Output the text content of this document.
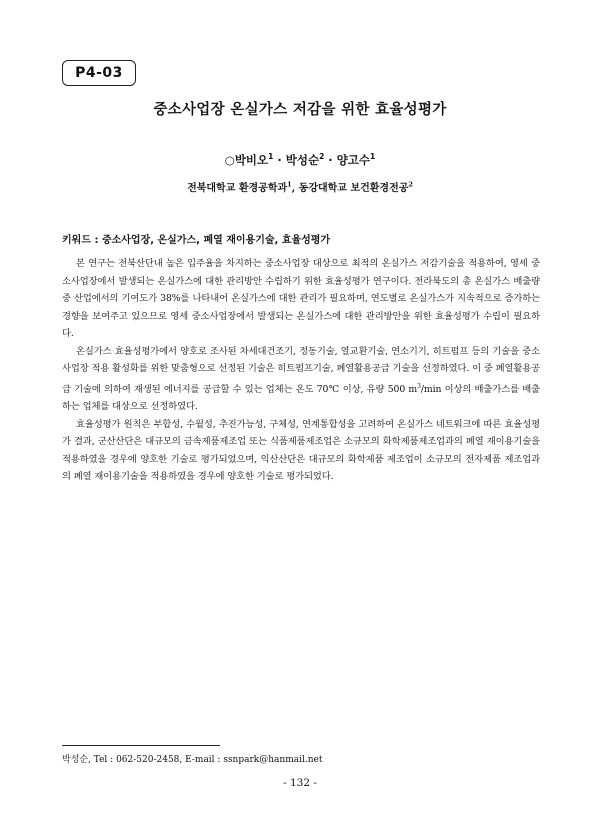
P4-03
중소사업장 온실가스 저감을 위한 효율성평가
○박비오$^1$ · 박성순$^2$ · 양고수$^1$
전북대학교 환경공학과$^1$, 동강대학교 보건환경전공$^2$
키워드 : 중소사업장, 온실가스, 폐열 재이용기술, 효율성평가

본 연구는 전북산단내 높은 입주율을 차지하는 중소사업장 대상으로 최적의 온실가스 저감기술을 적용하여, 영세 중소사업장에서 발생되는 온실가스에 대한 관리방안 수립하기 위한 효율성평가 연구이다. 전라북도의 총 온실가스 배출량 중 산업에서의 기여도가 38%를 나타내어 온실가스에 대한 관리가 필요하며, 연도별로 온실가스가 지속적으로 증가하는 경향을 보여주고 있으므로 영세 중소사업장에서 발생되는 온실가스에 대한 관리방안을 위한 효율성평가 수립이 필요하다.

온실가스 효율성평가에서 양호로 조사된 차세대건조기, 정동기술, 열교환기술, 연소기기, 히트펌프 등의 기술을 중소사업장 적용 활성화를 위한 맞춤형으로 선정된 기술은 히트펌프기술, 폐열활용공급 기술을 선정하였다. 이 중 폐열활용공급 기술에 의하여 재생된 에너지를 공급할 수 있는 업체는 온도 70℃ 이상, 유량 500 $m^3/\min$ 이상의 배출가스를 배출하는 업체를 대상으로 선정하였다.

효율성평가 원칙은 부합성, 수월성, 추진가능성, 구체성, 연계통합성을 고려하여 온실가스 네트워크에 따른 효율성평가 결과, 군산산단은 대규모의 금속제품제조업 또는 식품제품제조업은 소규모의 화학제품제조업과의 폐열 재이용기술을 적용하였을 경우에 양호한 기술로 평가되었으며, 익산산단은 대규모의 화학제품 제조업이 소규모의 전자제품 제조업과의 폐열 재이용기술을 적용하였을 경우에 양호한 기술로 평가되었다.

박성순, Tel : 062-520-2458, E-mail : ssnpark@hanmail.net
- 132 -
